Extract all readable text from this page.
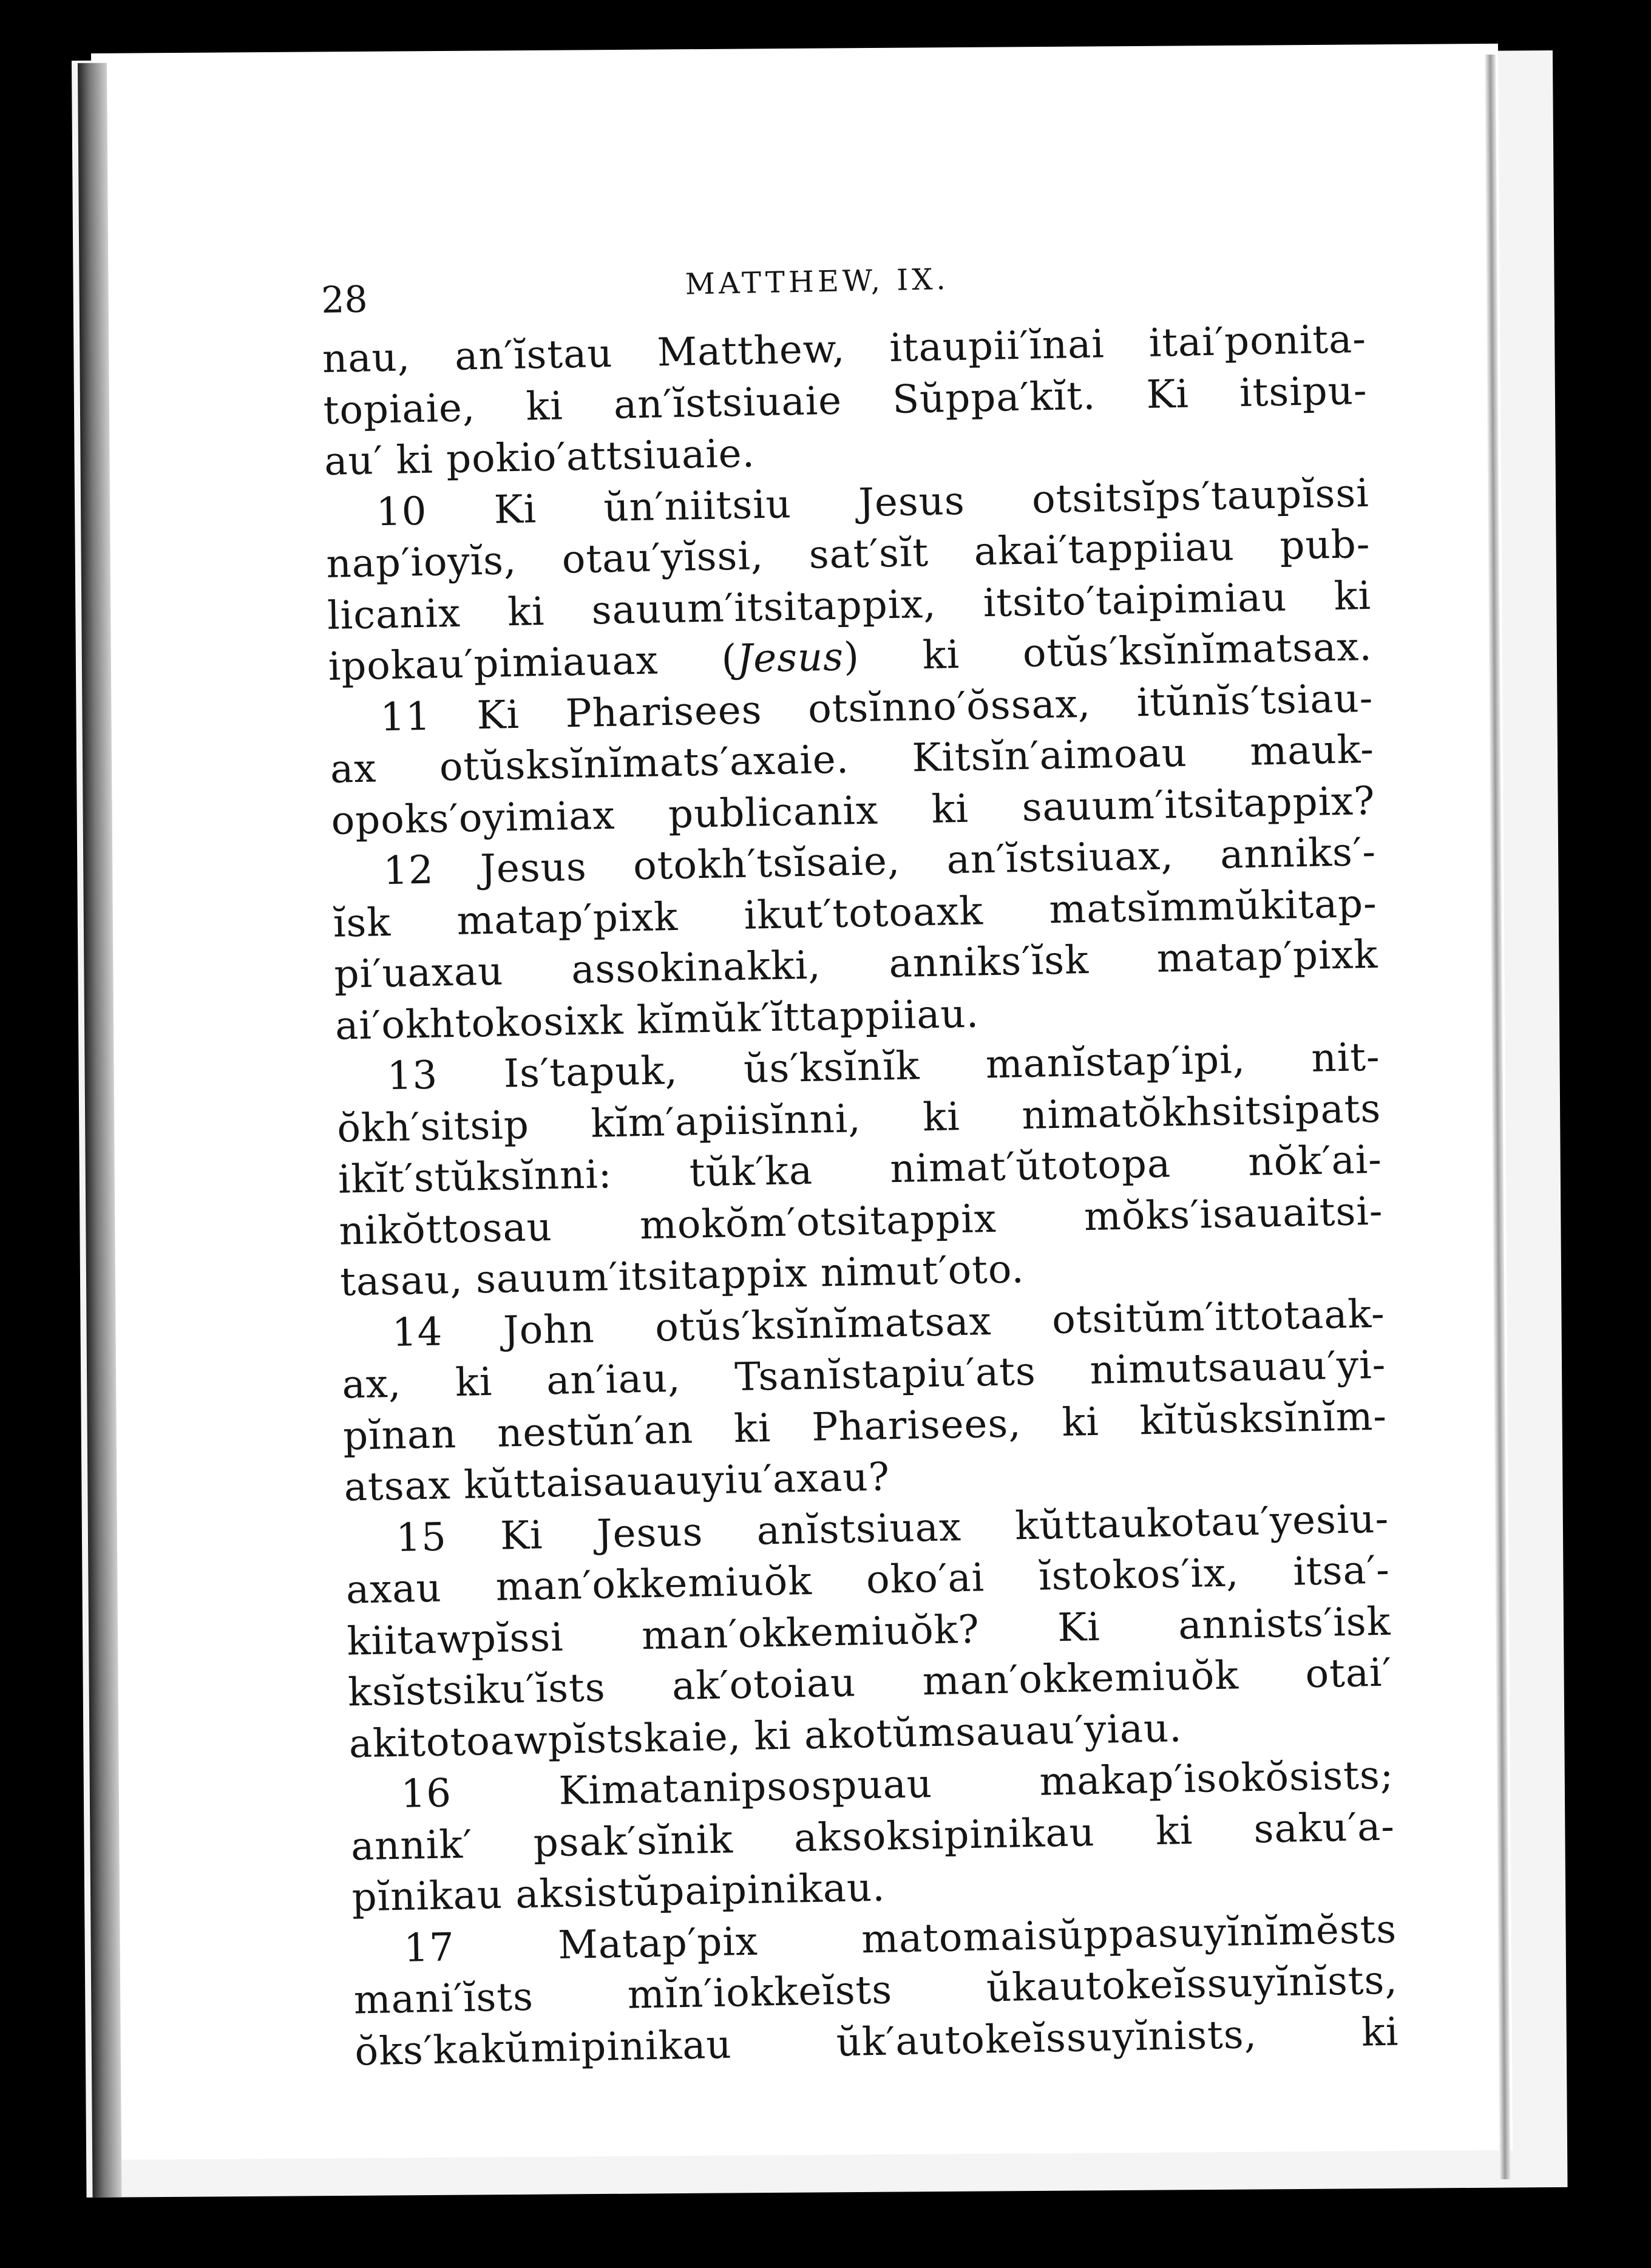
28	MATTHEW, IX.
nau, an′ĭstau Matthew, itaupii′ĭnai itai′ponita-
topiaie, ki an′ĭstsiuaie Sŭppa′kĭt. Ki itsipu-
au′ ki pokio′attsiuaie.
10 Ki ŭn′niitsiu Jesus otsitsĭps′taupĭssi
nap′ioyĭs, otau′yĭssi, sat′sĭt akai′tappiiau pub-
licanix ki sauum′itsitappix, itsito′taipimiau ki
ipokau′pimiauax (Jesus) ki otŭs′ksĭnĭmatsax.
11 Ki Pharisees otsĭnno′ŏssax, itŭnĭs′tsiau-
ax otŭsksĭnĭmats′axaie. Kitsĭn′aimoau mauk-
opoks′oyimiax publicanix ki sauum′itsitappix?
12 Jesus otokh′tsĭsaie, an′ĭstsiuax, anniks′-
ĭsk matap′pixk ikut′totoaxk matsĭmmŭkitap-
pi′uaxau assokinakki, anniks′ĭsk matap′pixk
ai′okhtokosixk kĭmŭk′ĭttappiiau.
13 Is′tapuk, ŭs′ksĭnĭk manĭstap′ipi, nit-
ŏkh′sitsip kĭm′apiisĭnni, ki nimatŏkhsitsipats
ikĭt′stŭksĭnni: tŭk′ka nimat′ŭtotopa nŏk′ai-
nikŏttosau mokŏm′otsitappix mŏks′isauaitsi-
tasau, sauum′itsitappix nimut′oto.
14 John otŭs′ksĭnĭmatsax otsitŭm′ittotaak-
ax, ki an′iau, Tsanĭstapiu′ats nimutsauau′yi-
pĭnan nestŭn′an ki Pharisees, ki kĭtŭsksĭnĭm-
atsax kŭttaisauauyiu′axau?
15 Ki Jesus anĭstsiuax kŭttaukotau′yesiu-
axau man′okkemiuŏk oko′ai ĭstokos′ix, itsa′-
kiitawpĭssi man′okkemiuŏk? Ki annists′isk
ksĭstsiku′ĭsts ak′otoiau man′okkemiuŏk otai′
akitotoawpĭstskaie, ki akotŭmsauau′yiau.
16 Kimatanipsospuau makap′isokŏsists;
annik′ psak′sĭnik aksoksipinikau ki saku′a-
pĭnikau aksistŭpaipinikau.
17 Matap′pix matomaisŭppasuyĭnĭmĕsts
mani′ĭsts mĭn′iokkeĭsts ŭkautokeĭssuyĭnĭsts,
ŏks′kakŭmipinikau ŭk′autokeĭssuyĭnists, ki
